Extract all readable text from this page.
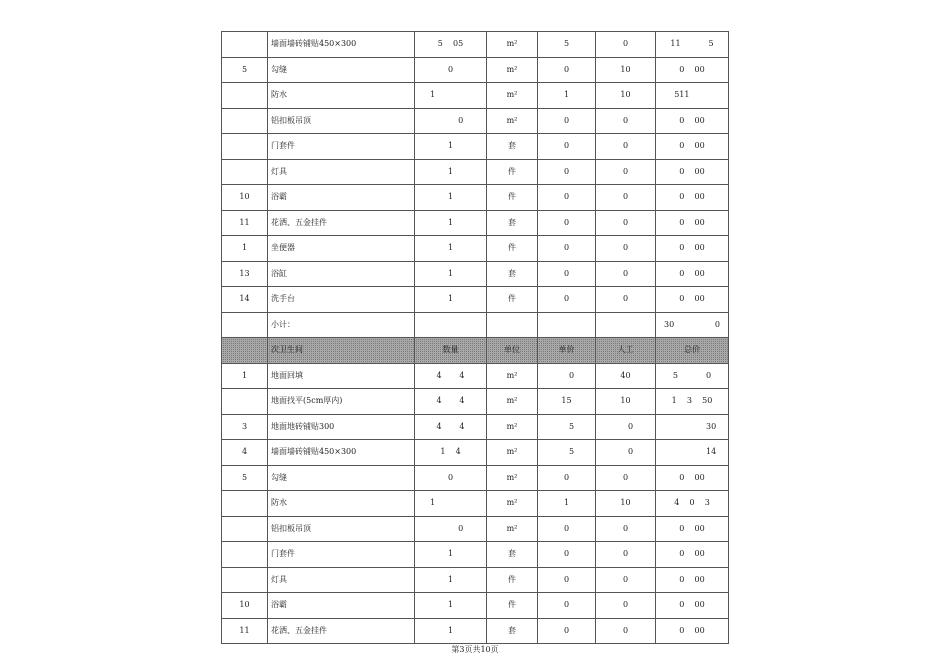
	墙面墙砖铺贴450×300	5    05	m²	5	0	11           5
5	勾缝	0	m²	0	10	0    00
	防水	1	m²	1	10	511
	铝扣板吊顶	0	m²	0	0	0    00
	门套件	1	套	0	0	0    00
	灯具	1	件	0	0	0    00
10	浴霸	1	件	0	0	0    00
11	花洒、五金挂件	1	套	0	0	0    00
1	坐便器	1	件	0	0	0    00
13	浴缸	1	套	0	0	0    00
14	洗手台	1	件	0	0	0    00
	小计：					30                0
	次卫生间	数量	单位	单价	人工	总价
1	地面回填	4       4	m²	0	40	5           0
	地面找平(5cm厚内)	4       4	m²	15	10	1    3    50
3	地面地砖铺贴300	4       4	m²	5	0	30
4	墙面墙砖铺贴450×300	1    4	m²	5	0	14
5	勾缝	0	m²	0	0	0    00
	防水	1	m²	1	10	4    0    3
	铝扣板吊顶	0	m²	0	0	0    00
	门套件	1	套	0	0	0    00
	灯具	1	件	0	0	0    00
10	浴霸	1	件	0	0	0    00
11	花洒、五金挂件	1	套	0	0	0    00
第3页共10页
